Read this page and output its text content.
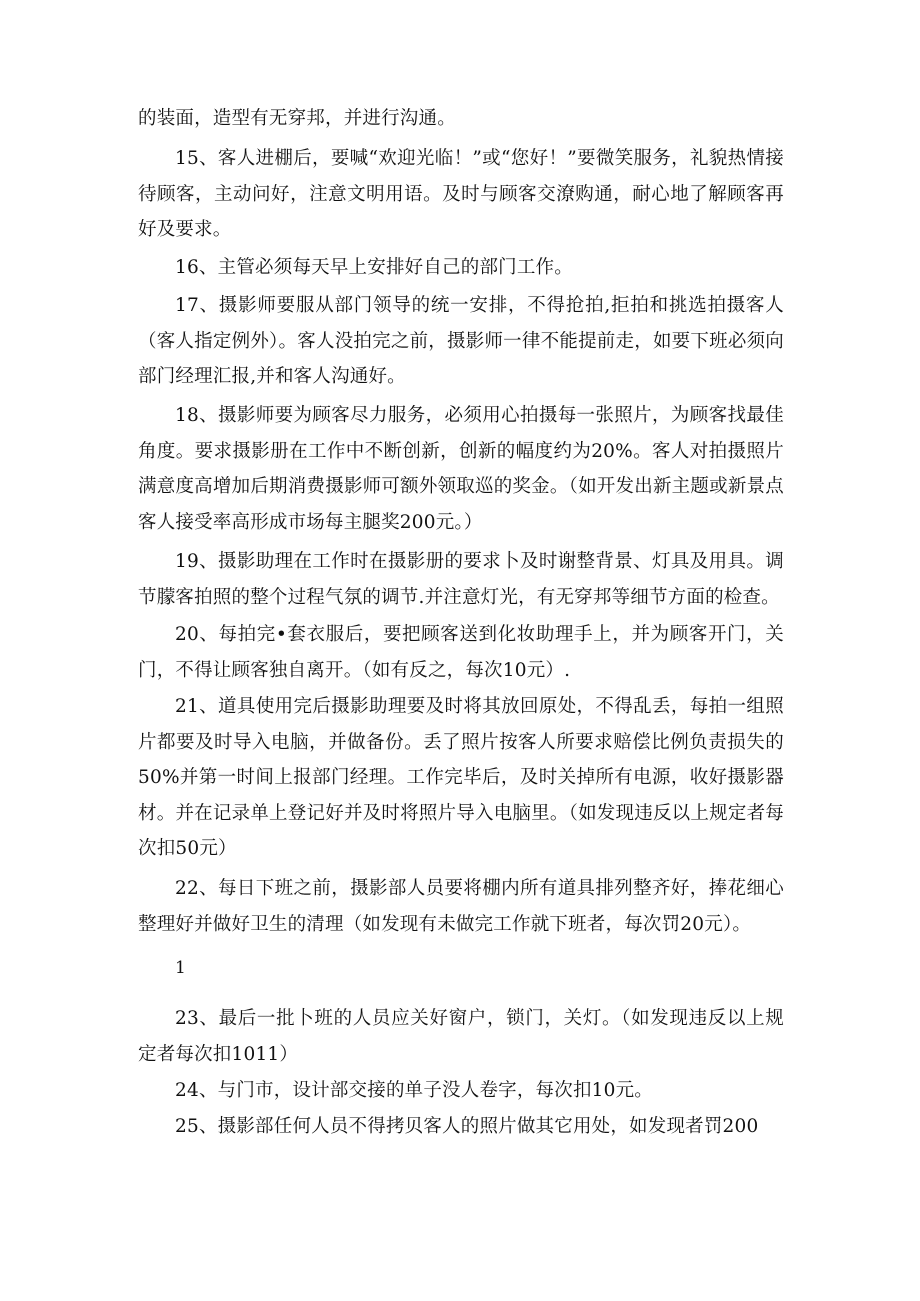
的装面，造型有无穿邦，并进行沟通。

15、客人进棚后，要喊“欢迎光临！”或“您好！”要微笑服务，礼貌热情接待顾客，主动问好，注意文明用语。及时与顾客交潦购通，耐心地了解顾客再好及要求。

16、主管必须每天早上安排好自己的部门工作。

17、摄影师要服从部门领导的统一安排，不得抢拍,拒拍和挑选拍摄客人（客人指定例外）。客人没拍完之前，摄影师一律不能提前走，如要下班必须向部门经理汇报,并和客人沟通好。

18、摄影师要为顾客尽力服务，必须用心拍摄每一张照片，为顾客找最佳角度。要求摄影册在工作中不断创新，创新的幅度约为20%。客人对拍摄照片满意度高增加后期消费摄影师可额外领取巡的奖金。（如开发出新主题或新景点客人接受率高形成市场每主腿奖200元。）

19、摄影助理在工作时在摄影册的要求卜及时谢整背景、灯具及用具。调节朦客拍照的整个过程气氛的调节.并注意灯光，有无穿邦等细节方面的检查。

20、每拍完•套衣服后，要把顾客送到化妆助理手上，并为顾客开门，关门，不得让顾客独自离开。（如有反之，每次10元）.

21、道具使用完后摄影助理要及时将其放回原处，不得乱丢，每拍一组照片都要及时导入电脑，并做备份。丢了照片按客人所要求赔偿比例负责损失的50%并第一时间上报部门经理。工作完毕后，及时关掉所有电源，收好摄影器材。并在记录单上登记好并及时将照片导入电脑里。（如发现违反以上规定者每次扣50元）

22、每日下班之前，摄影部人员要将棚内所有道具排列整齐好，捧花细心整理好并做好卫生的清理（如发现有未做完工作就下班者，每次罚20元）。

1

23、最后一批卜班的人员应关好窗户，锁门，关灯。（如发现违反以上规定者每次扣1011）

24、与门市，设计部交接的单子没人卷字，每次扣10元。

25、摄影部任何人员不得拷贝客人的照片做其它用处，如发现者罚200
